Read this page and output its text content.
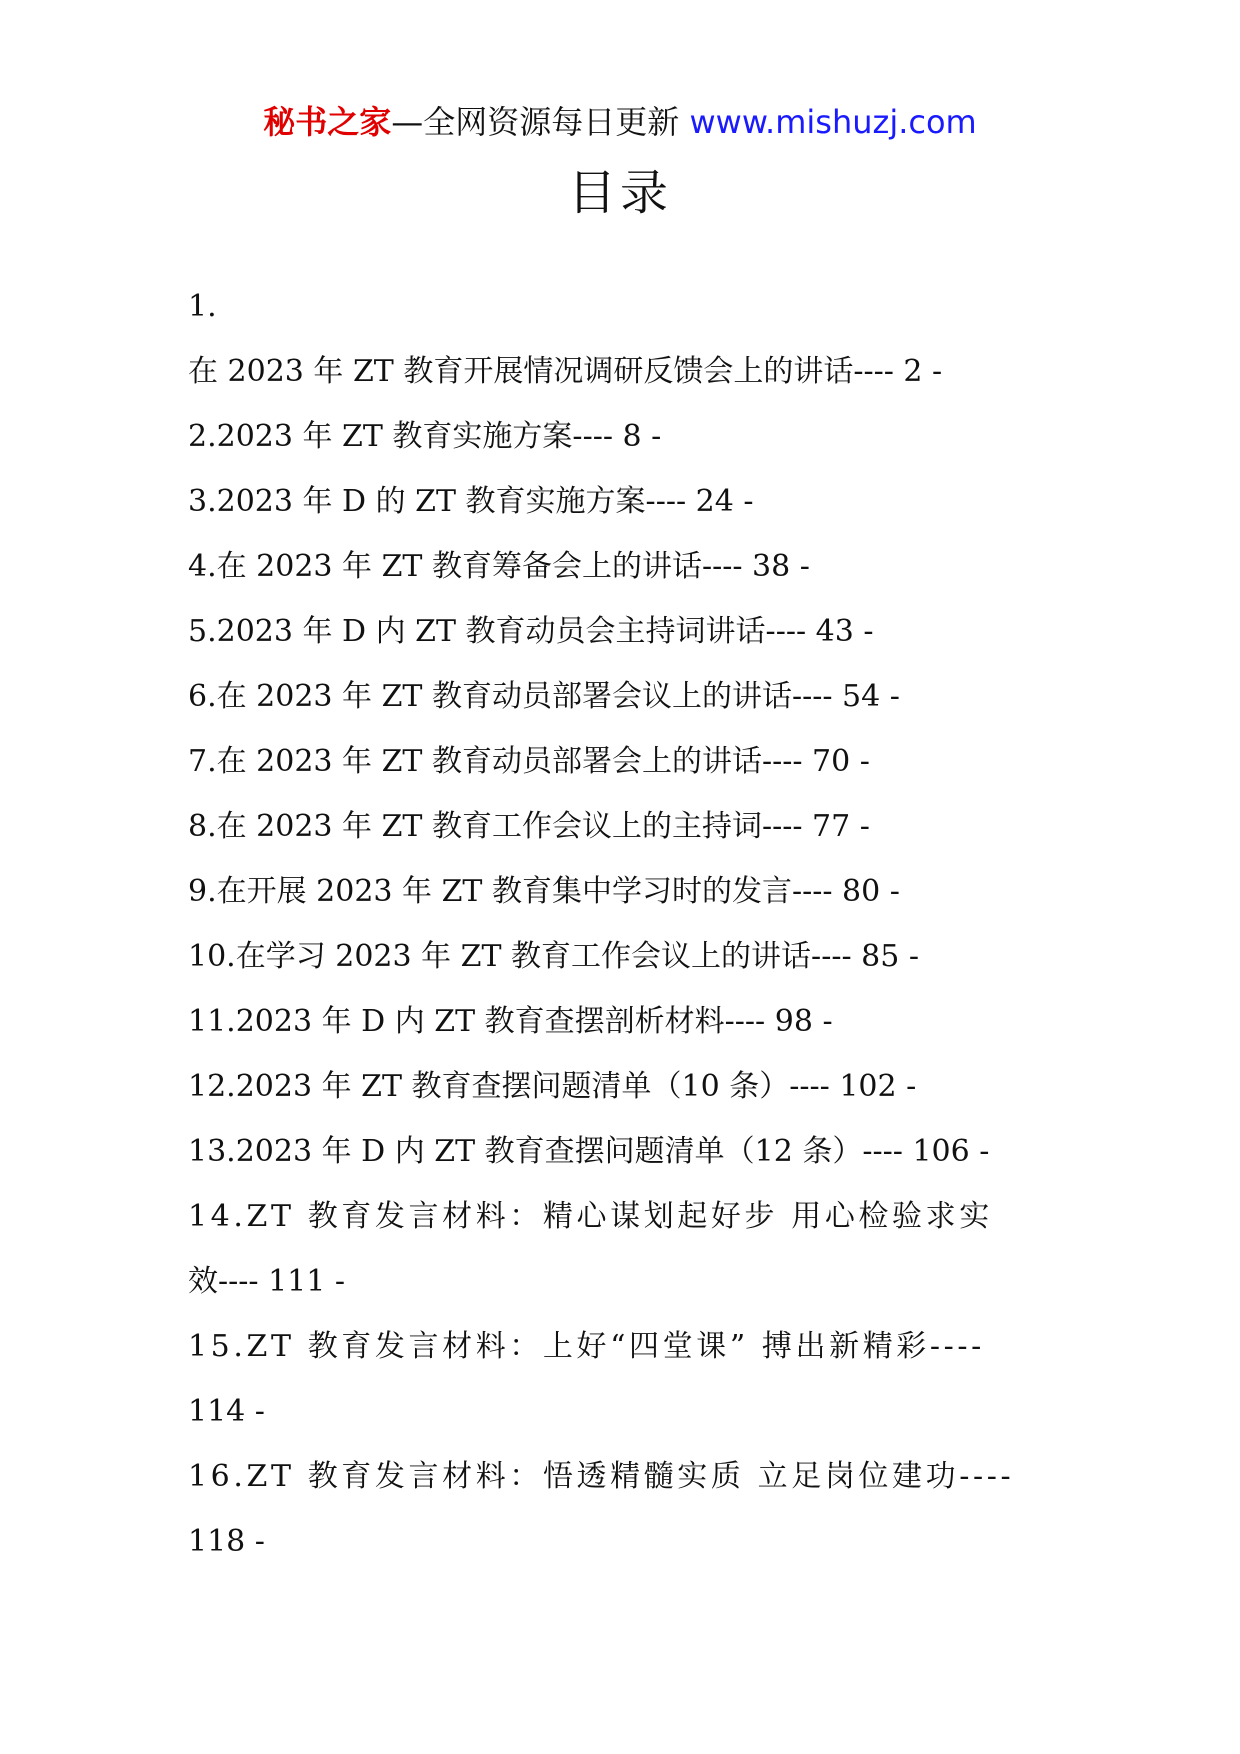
秘书之家—全网资源每日更新 www.mishuzj.com
目录
1.
在 2023 年 ZT 教育开展情况调研反馈会上的讲话---- 2 -
2.2023 年 ZT 教育实施方案---- 8 -
3.2023 年 D 的 ZT 教育实施方案---- 24 -
4.在 2023 年 ZT 教育筹备会上的讲话---- 38 -
5.2023 年 D 内 ZT 教育动员会主持词讲话---- 43 -
6.在 2023 年 ZT 教育动员部署会议上的讲话---- 54 -
7.在 2023 年 ZT 教育动员部署会上的讲话---- 70 -
8.在 2023 年 ZT 教育工作会议上的主持词---- 77 -
9.在开展 2023 年 ZT 教育集中学习时的发言---- 80 -
10.在学习 2023 年 ZT 教育工作会议上的讲话---- 85 -
11.2023 年 D 内 ZT 教育查摆剖析材料---- 98 -
12.2023 年 ZT 教育查摆问题清单（10 条）---- 102 -
13.2023 年 D 内 ZT 教育查摆问题清单（12 条）---- 106 -
14.ZT 教育发言材料：精心谋划起好步 用心检验求实
效---- 111 -
15.ZT 教育发言材料：上好“四堂课” 搏出新精彩----
114 -
16.ZT 教育发言材料：悟透精髓实质 立足岗位建功----
118 -
